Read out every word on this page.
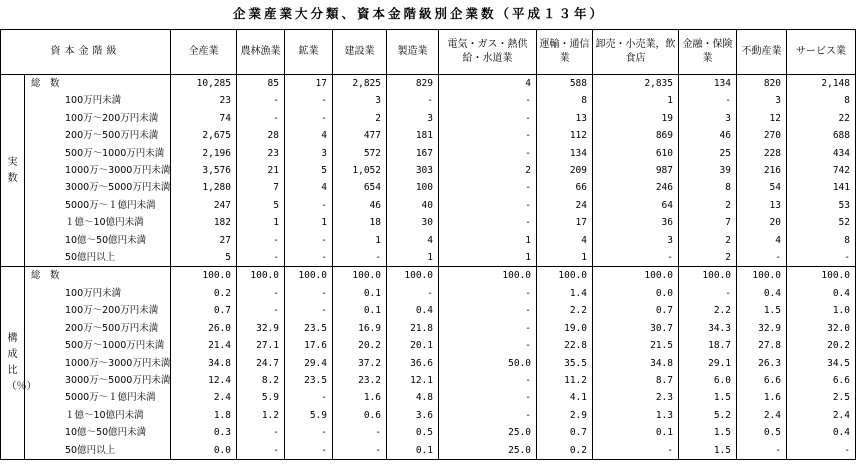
企業産業大分類、資本金階級別企業数（平成１３年）
資本金階級		全産業	農林漁業	鉱業	建設業	製造業	電気・ガス・熱供給・水道業	運輸・通信業	卸売・小売業，飲食店	金融・保険業	不動産業	サービス業
実数	総　数	10,285	85	17	2,825	829	4	588	2,835	134	820	2,148
	100万円未満	23	-	-	3	-	-	8	1	-	3	8
	100万～200万円未満	74	-	-	2	3	-	13	19	3	12	22
	200万～500万円未満	2,675	28	4	477	181	-	112	869	46	270	688
	500万～1000万円未満	2,196	23	3	572	167	-	134	610	25	228	434
	1000万～3000万円未満	3,576	21	5	1,052	303	2	209	987	39	216	742
	3000万～5000万円未満	1,280	7	4	654	100	-	66	246	8	54	141
	5000万～１億円未満	247	5	-	46	40	-	24	64	2	13	53
	１億～10億円未満	182	1	1	18	30	-	17	36	7	20	52
	10億～50億円未満	27	-	-	1	4	1	4	3	2	4	8
	50億円以上	5	-	-	-	1	1	1	-	2	-	-
構成比（％）	総　数	100.0	100.0	100.0	100.0	100.0	100.0	100.0	100.0	100.0	100.0	100.0
	100万円未満	0.2	-	-	0.1	-	-	1.4	0.0	-	0.4	0.4
	100万～200万円未満	0.7	-	-	0.1	0.4	-	2.2	0.7	2.2	1.5	1.0
	200万～500万円未満	26.0	32.9	23.5	16.9	21.8	-	19.0	30.7	34.3	32.9	32.0
	500万～1000万円未満	21.4	27.1	17.6	20.2	20.1	-	22.8	21.5	18.7	27.8	20.2
	1000万～3000万円未満	34.8	24.7	29.4	37.2	36.6	50.0	35.5	34.8	29.1	26.3	34.5
	3000万～5000万円未満	12.4	8.2	23.5	23.2	12.1	-	11.2	8.7	6.0	6.6	6.6
	5000万～１億円未満	2.4	5.9	-	1.6	4.8	-	4.1	2.3	1.5	1.6	2.5
	１億～10億円未満	1.8	1.2	5.9	0.6	3.6	-	2.9	1.3	5.2	2.4	2.4
	10億～50億円未満	0.3	-	-	-	0.5	25.0	0.7	0.1	1.5	0.5	0.4
	50億円以上	0.0	-	-	-	0.1	25.0	0.2	-	1.5	-	-
